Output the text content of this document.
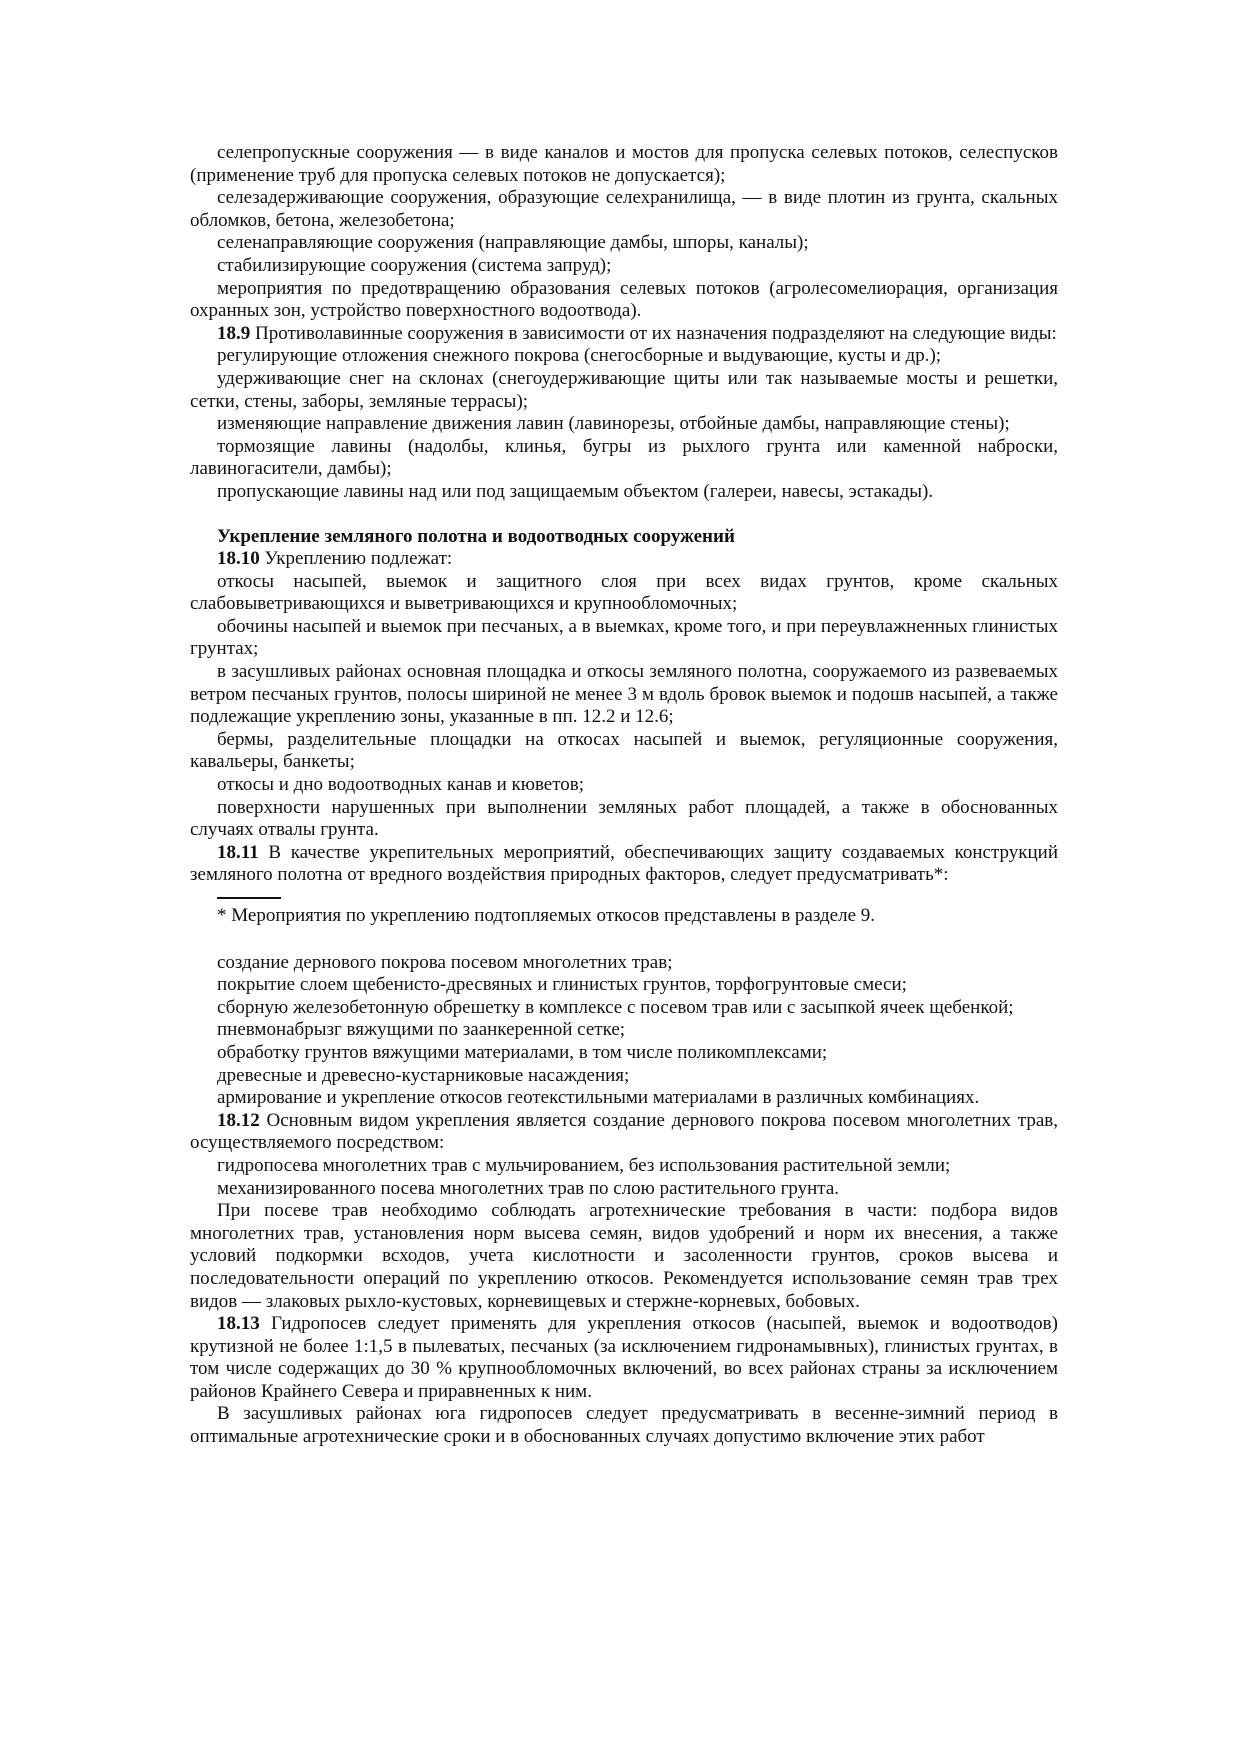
селепропускные сооружения — в виде каналов и мостов для пропуска селевых потоков, селеспусков (применение труб для пропуска селевых потоков не допускается);

селезадерживающие сооружения, образующие селехранилища, — в виде плотин из грунта, скальных обломков, бетона, железобетона;

селенаправляющие сооружения (направляющие дамбы, шпоры, каналы);

стабилизирующие сооружения (система запруд);

мероприятия по предотвращению образования селевых потоков (агролесомелиорация, организация охранных зон, устройство поверхностного водоотвода).

18.9 Противолавинные сооружения в зависимости от их назначения подразделяют на следующие виды:

регулирующие отложения снежного покрова (снегосборные и выдувающие, кусты и др.);

удерживающие снег на склонах (снегоудерживающие щиты или так называемые мосты и решетки, сетки, стены, заборы, земляные террасы);

изменяющие направление движения лавин (лавинорезы, отбойные дамбы, направляющие стены);

тормозящие лавины (надолбы, клинья, бугры из рыхлого грунта или каменной наброски, лавиногасители, дамбы);

пропускающие лавины над или под защищаемым объектом (галереи, навесы, эстакады).

Укрепление земляного полотна и водоотводных сооружений

18.10 Укреплению подлежат:

откосы насыпей, выемок и защитного слоя при всех видах грунтов, кроме скальных слабовыветривающихся и выветривающихся и крупнообломочных;

обочины насыпей и выемок при песчаных, а в выемках, кроме того, и при переувлажненных глинистых грунтах;

в засушливых районах основная площадка и откосы земляного полотна, сооружаемого из развеваемых ветром песчаных грунтов, полосы шириной не менее 3 м вдоль бровок выемок и подошв насыпей, а также подлежащие укреплению зоны, указанные в пп. 12.2 и 12.6;

бермы, разделительные площадки на откосах насыпей и выемок, регуляционные сооружения, кавальеры, банкеты;

откосы и дно водоотводных канав и кюветов;

поверхности нарушенных при выполнении земляных работ площадей, а также в обоснованных случаях отвалы грунта.

18.11 В качестве укрепительных мероприятий, обеспечивающих защиту создаваемых конструкций земляного полотна от вредного воздействия природных факторов, следует предусматривать*:

* Мероприятия по укреплению подтопляемых откосов представлены в разделе 9.

создание дернового покрова посевом многолетних трав;

покрытие слоем щебенисто-дресвяных и глинистых грунтов, торфогрунтовые смеси;

сборную железобетонную обрешетку в комплексе с посевом трав или с засыпкой ячеек щебенкой;

пневмонабрызг вяжущими по заанкеренной сетке;

обработку грунтов вяжущими материалами, в том числе поликомплексами;

древесные и древесно-кустарниковые насаждения;

армирование и укрепление откосов геотекстильными материалами в различных комбинациях.

18.12 Основным видом укрепления является создание дернового покрова посевом многолетних трав, осуществляемого посредством:

гидропосева многолетних трав с мульчированием, без использования растительной земли;

механизированного посева многолетних трав по слою растительного грунта.

При посеве трав необходимо соблюдать агротехнические требования в части: подбора видов многолетних трав, установления норм высева семян, видов удобрений и норм их внесения, а также условий подкормки всходов, учета кислотности и засоленности грунтов, сроков высева и последовательности операций по укреплению откосов. Рекомендуется использование семян трав трех видов — злаковых рыхло-кустовых, корневищевых и стержне-корневых, бобовых.

18.13 Гидропосев следует применять для укрепления откосов (насыпей, выемок и водоотводов) крутизной не более 1:1,5 в пылеватых, песчаных (за исключением гидронамывных), глинистых грунтах, в том числе содержащих до 30 % крупнообломочных включений, во всех районах страны за исключением районов Крайнего Севера и приравненных к ним.

В засушливых районах юга гидропосев следует предусматривать в весенне-зимний период в оптимальные агротехнические сроки и в обоснованных случаях допустимо включение этих работ
